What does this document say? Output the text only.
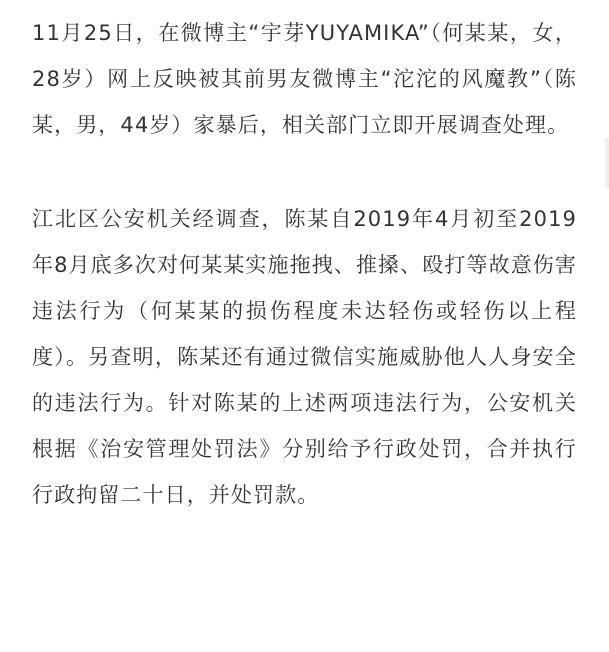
11月25日，在微博主“宇芽YUYAMIKA”（何某某，女，28岁）网上反映被其前男友微博主“沱沱的风魔教”（陈某，男，44岁）家暴后，相关部门立即开展调查处理。

江北区公安机关经调查，陈某自2019年4月初至2019年8月底多次对何某某实施拖拽、推搡、殴打等故意伤害违法行为（何某某的损伤程度未达轻伤或轻伤以上程度）。另查明，陈某还有通过微信实施威胁他人人身安全的违法行为。针对陈某的上述两项违法行为，公安机关根据《治安管理处罚法》分别给予行政处罚，合并执行行政拘留二十日，并处罚款。
